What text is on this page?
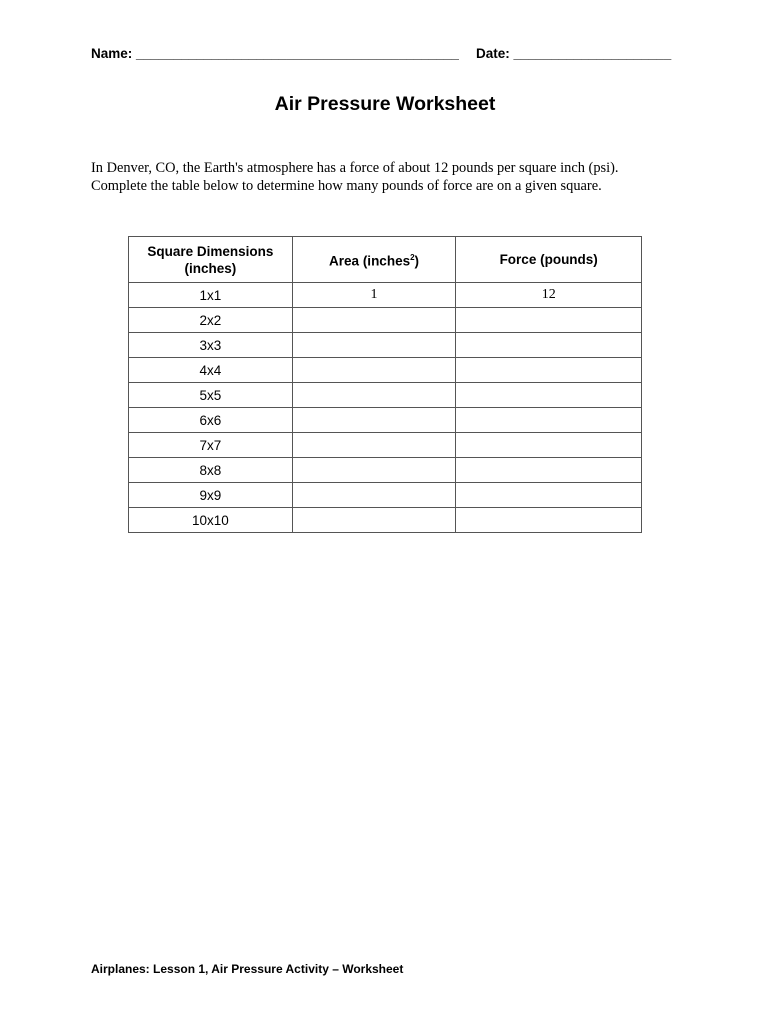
Name: ___________________________________________ Date: _____________________
Air Pressure Worksheet

In Denver, CO, the Earth's atmosphere has a force of about 12 pounds per square inch (psi).

Complete the table below to determine how many pounds of force are on a given square.

Square Dimensions
(inches)	Area (inches$^2$)	Force (pounds)
1x1	1	12
2x2		
3x3		
4x4		
5x5		
6x6		
7x7		
8x8		
9x9		
10x10		
Airplanes: Lesson 1, Air Pressure Activity – Worksheet
